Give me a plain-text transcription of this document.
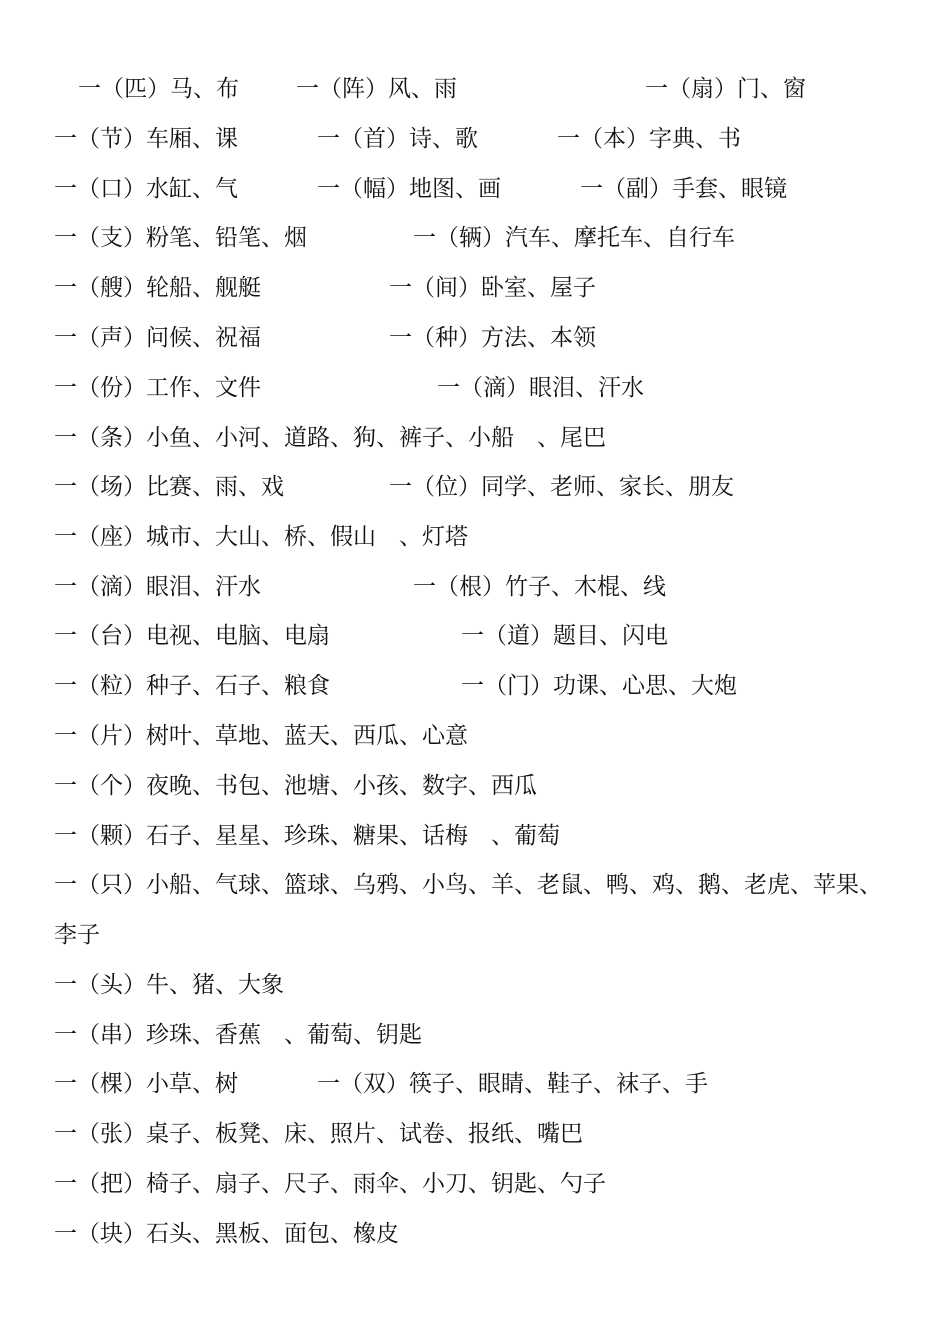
一（匹）马、布 一（阵）风、雨	一（扇）门、窗
一（节）车厢、课	一（首）诗、歌	一（本）字典、书
一（口）水缸、气	一（幅）地图、画	一（副）手套、眼镜
一（支）粉笔、铅笔、烟	一（辆）汽车、摩托车、自行车
一（艘）轮船、舰艇	一（间）卧室、屋子
一（声）问候、祝福	一（种）方法、本领
一（份）工作、文件	一（滴）眼泪、汗水
一（条）小鱼、小河、道路、狗、裤子、小船　、尾巴
一（场）比赛、雨、戏	一（位）同学、老师、家长、朋友
一（座）城市、大山、桥、假山　、灯塔
一（滴）眼泪、汗水	一（根）竹子、木棍、线
一（台）电视、电脑、电扇	一（道）题目、闪电
一（粒）种子、石子、粮食	一（门）功课、心思、大炮
一（片）树叶、草地、蓝天、西瓜、心意
一（个）夜晚、书包、池塘、小孩、数字、西瓜
一（颗）石子、星星、珍珠、糖果、话梅　、葡萄
一（只）小船、气球、篮球、乌鸦、小鸟、羊、老鼠、鸭、鸡、鹅、老虎、苹果、
李子
一（头）牛、猪、大象
一（串）珍珠、香蕉　、葡萄、钥匙
一（棵）小草、树	一（双）筷子、眼睛、鞋子、袜子、手
一（张）桌子、板凳、床、照片、试卷、报纸、嘴巴
一（把）椅子、扇子、尺子、雨伞、小刀、钥匙、勺子
一（块）石头、黑板、面包、橡皮
